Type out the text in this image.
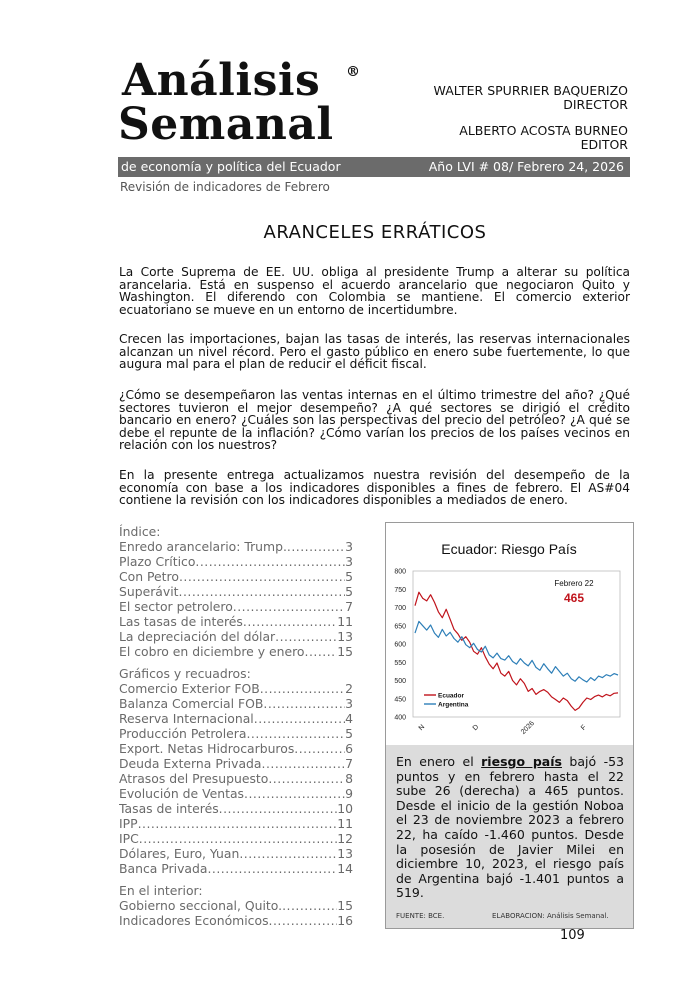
Análisis
Semanal
®
WALTER SPURRIER BAQUERIZO
DIRECTOR
ALBERTO ACOSTA BURNEO
EDITOR
de economía y política del Ecuador	Año LVI # 08/ Febrero 24, 2026
Revisión de indicadores de Febrero
ARANCELES ERRÁTICOS
La Corte Suprema de EE. UU. obliga al presidente Trump a alterar su política arancelaria. Está en suspenso el acuerdo arancelario que negociaron Quito y Washington. El diferendo con Colombia se mantiene. El comercio exterior ecuatoriano se mueve en un entorno de incertidumbre.
Crecen las importaciones, bajan las tasas de interés, las reservas internacionales alcanzan un nivel récord. Pero el gasto público en enero sube fuertemente, lo que augura mal para el plan de reducir el déficit fiscal.
¿Cómo se desempeñaron las ventas internas en el último trimestre del año? ¿Qué sectores tuvieron el mejor desempeño? ¿A qué sectores se dirigió el crédito bancario en enero? ¿Cuáles son las perspectivas del precio del petróleo? ¿A qué se debe el repunte de la inflación? ¿Cómo varían los precios de los países vecinos en relación con los nuestros?
En la presente entrega actualizamos nuestra revisión del desempeño de la economía con base a los indicadores disponibles a fines de febrero. El AS#04 contiene la revisión con los indicadores disponibles a mediados de enero.
Índice:
Enredo arancelario: Trump. .....	3
Plazo Crítico .....	3
Con Petro .....	5
Superávit .....	5
El sector petrolero .....	7
Las tasas de interés .....	11
La depreciación del dólar .....	13
El cobro en diciembre y enero .....	15
Gráficos y recuadros:
Comercio Exterior FOB .....	2
Balanza Comercial FOB .....	3
Reserva Internacional .....	4
Producción Petrolera .....	5
Export. Netas Hidrocarburos .....	6
Deuda Externa Privada .....	7
Atrasos del Presupuesto .....	8
Evolución de Ventas .....	9
Tasas de interés .....	10
IPP .....	11
IPC .....	12
Dólares, Euro, Yuan .....	13
Banca Privada .....	14
En el interior:
Gobierno seccional, Quito. .....	15
Indicadores Económicos .....	16
Ecuador: Riesgo País
800
750
700
650
600
550
500
450
400
N	D	2026	F
Febrero 22
465
Ecuador
Argentina
En enero el riesgo país bajó -53 puntos y en febrero hasta el 22 sube 26 (derecha) a 465 puntos. Desde el inicio de la gestión Noboa el 23 de noviembre 2023 a febrero 22, ha caído -1.460 puntos. Desde la posesión de Javier Milei en diciembre 10, 2023, el riesgo país de Argentina bajó -1.401 puntos a 519.
FUENTE: BCE.	ELABORACION: Análisis Semanal.
109
